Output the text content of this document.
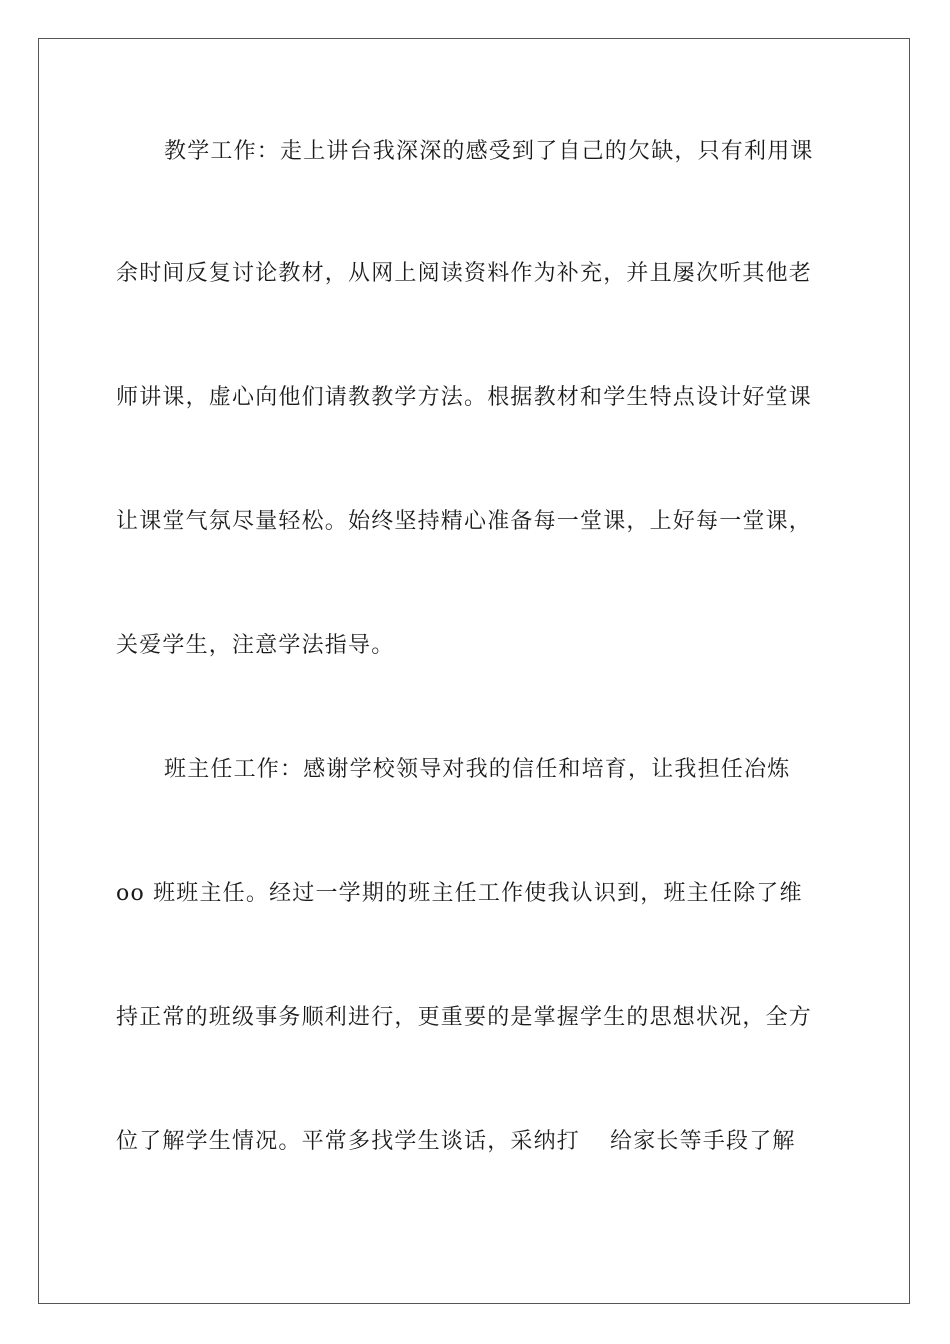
教学工作：走上讲台我深深的感受到了自己的欠缺，只有利用课
余时间反复讨论教材，从网上阅读资料作为补充，并且屡次听其他老
师讲课，虚心向他们请教教学方法。根据教材和学生特点设计好堂课
让课堂气氛尽量轻松。始终坚持精心准备每一堂课，上好每一堂课，
关爱学生，注意学法指导。
班主任工作：感谢学校领导对我的信任和培育，让我担任冶炼
oo 班班主任。经过一学期的班主任工作使我认识到，班主任除了维
持正常的班级事务顺利进行，更重要的是掌握学生的思想状况，全方
位了解学生情况。平常多找学生谈话，采纳打 给家长等手段了解
